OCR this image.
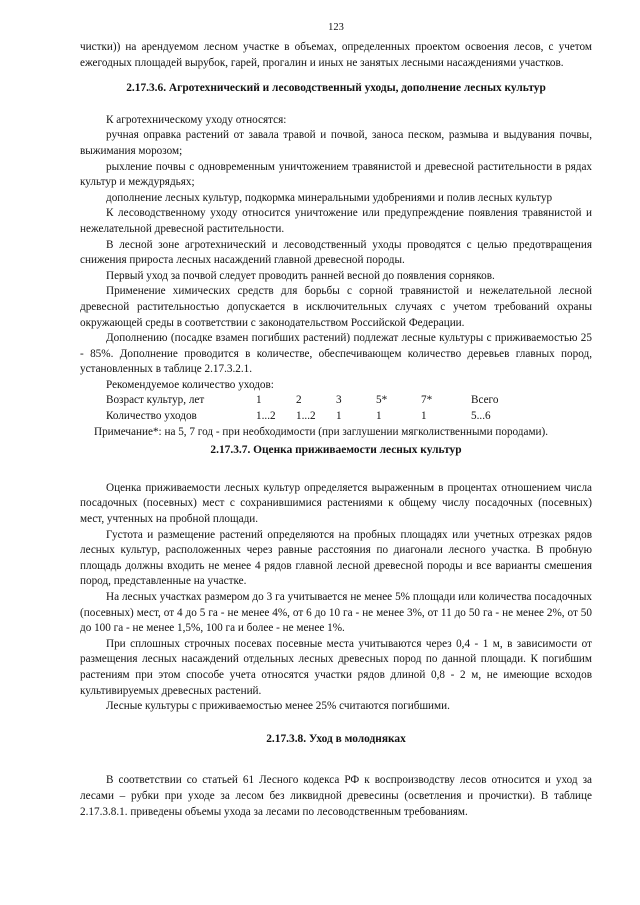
123

чистки)) на арендуемом лесном участке в объемах, определенных проектом освоения лесов, с учетом ежегодных площадей вырубок, гарей, прогалин и иных не занятых лесными насаждениями участков.

2.17.3.6. Агротехнический и лесоводственный уходы, дополнение лесных культур

К агротехническому уходу относятся:

ручная оправка растений от завала травой и почвой, заноса песком, размыва и выдувания почвы, выжимания морозом;

рыхление почвы с одновременным уничтожением травянистой и древесной растительности в рядах культур и междурядьях;

дополнение лесных культур, подкормка минеральными удобрениями и полив лесных культур

К лесоводственному уходу относится уничтожение или предупреждение появления травянистой и нежелательной древесной растительности.

В лесной зоне агротехнический и лесоводственный уходы проводятся с целью предотвращения снижения прироста лесных насаждений главной древесной породы.

Первый уход за почвой следует проводить ранней весной до появления сорняков.

Применение химических средств для борьбы с сорной травянистой и нежелательной лесной древесной растительностью допускается в исключительных случаях с учетом требований охраны окружающей среды в соответствии с законодательством Российской Федерации.

Дополнению (посадке взамен погибших растений) подлежат лесные культуры с приживаемостью 25 - 85%. Дополнение проводится в количестве, обеспечивающем количество деревьев главных пород, установленных в таблице 2.17.3.2.1.

Рекомендуемое количество уходов:

Возраст культур, лет	1	2	3	5*	7*	Всего
Количество уходов	1...2	1...2	1	1	1	5...6

Примечание*: на 5, 7 год - при необходимости (при заглушении мягколиственными породами).

2.17.3.7. Оценка приживаемости лесных культур

Оценка приживаемости лесных культур определяется выраженным в процентах отношением числа посадочных (посевных) мест с сохранившимися растениями к общему числу посадочных (посевных) мест, учтенных на пробной площади.

Густота и размещение растений определяются на пробных площадях или учетных отрезках рядов лесных культур, расположенных через равные расстояния по диагонали лесного участка. В пробную площадь должны входить не менее 4 рядов главной лесной древесной породы и все варианты смешения пород, представленные на участке.

На лесных участках размером до 3 га учитывается не менее 5% площади или количества посадочных (посевных) мест, от 4 до 5 га - не менее 4%, от 6 до 10 га - не менее 3%, от 11 до 50 га - не менее 2%, от 50 до 100 га - не менее 1,5%, 100 га и более - не менее 1%.

При сплошных строчных посевах посевные места учитываются через 0,4 - 1 м, в зависимости от размещения лесных насаждений отдельных лесных древесных пород по данной площади. К погибшим растениям при этом способе учета относятся участки рядов длиной 0,8 - 2 м, не имеющие всходов культивируемых древесных растений.

Лесные культуры с приживаемостью менее 25% считаются погибшими.

2.17.3.8. Уход в молодняках

В соответствии со статьей 61 Лесного кодекса РФ к воспроизводству лесов относится и уход за лесами – рубки при уходе за лесом без ликвидной древесины (осветления и прочистки). В таблице 2.17.3.8.1. приведены объемы ухода за лесами по лесоводственным требованиям.
